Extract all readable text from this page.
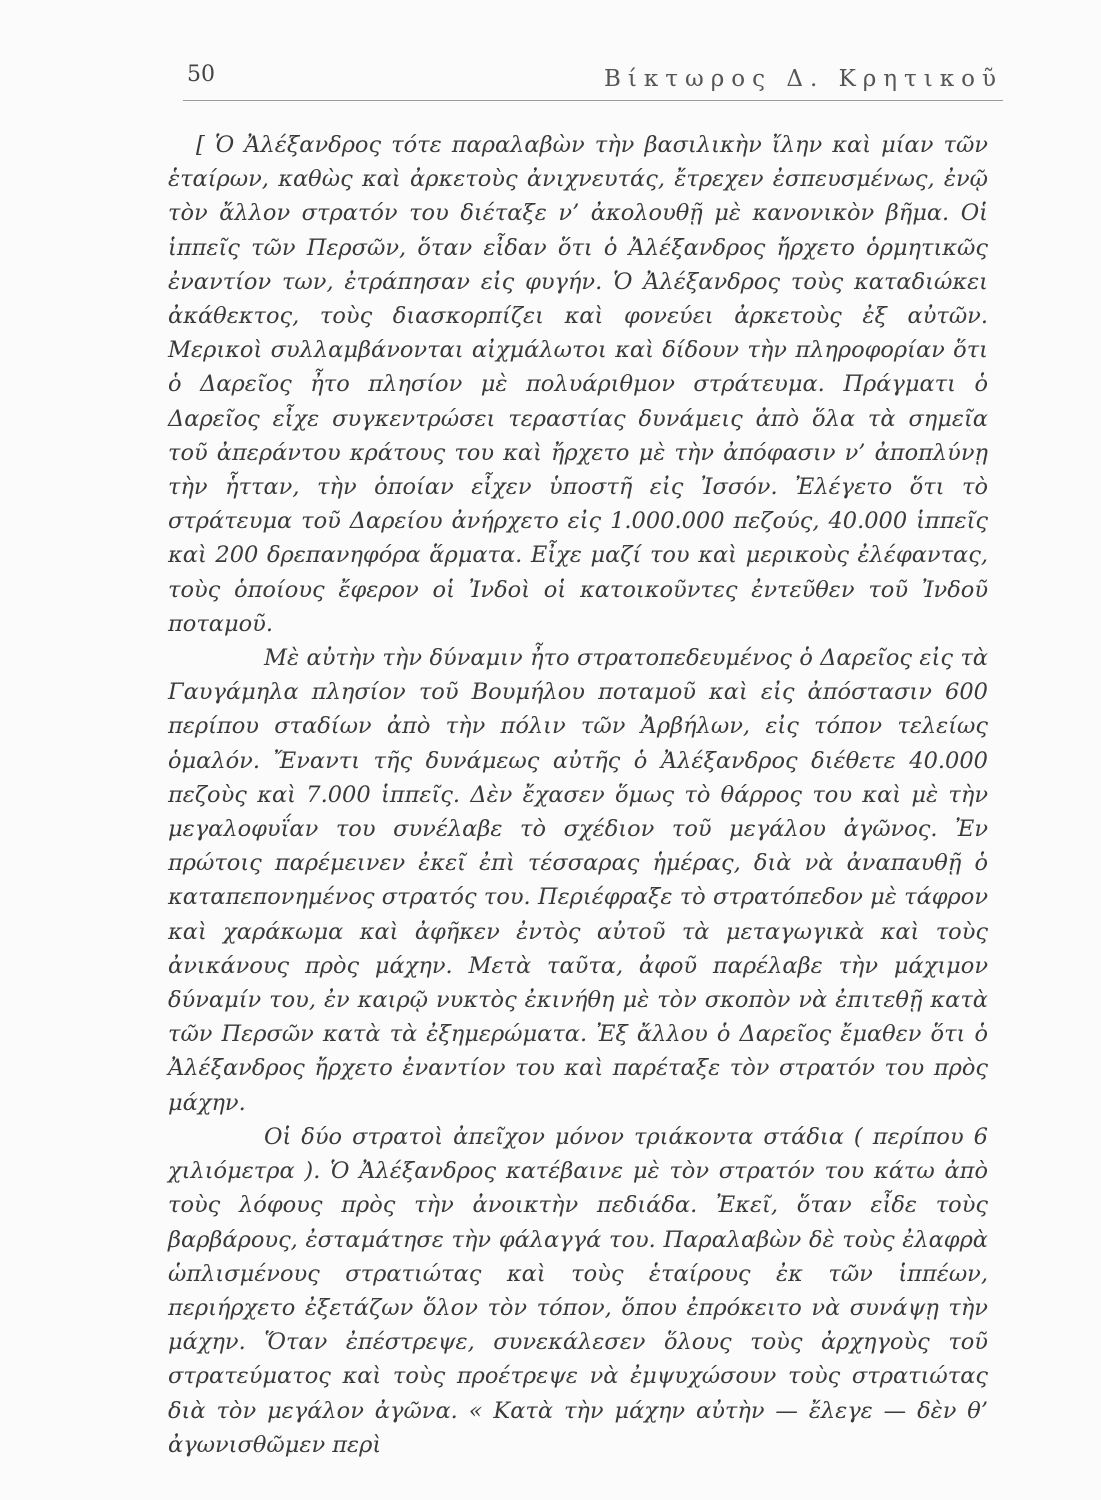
50	Βίκτωρος Δ. Κρητικοῦ

[ Ὁ Ἀλέξανδρος τότε παραλαβὼν τὴν βασιλικὴν ἴλην καὶ μίαν τῶν ἑταίρων, καθὼς καὶ ἀρκετοὺς ἀνιχνευτάς, ἔτρεχεν ἐσπευσμένως, ἐνῷ τὸν ἄλλον στρατόν του διέταξε ν’ ἀκολουθῇ μὲ κανονικὸν βῆμα. Οἱ ἱππεῖς τῶν Περσῶν, ὅταν εἶδαν ὅτι ὁ Ἀλέξανδρος ἤρχετο ὁρμητικῶς ἐναντίον των, ἐτράπησαν εἰς φυγήν. Ὁ Ἀλέξανδρος τοὺς καταδιώκει ἀκάθεκτος, τοὺς διασκορπίζει καὶ φονεύει ἀρκετοὺς ἐξ αὐτῶν. Μερικοὶ συλλαμβάνονται αἰχμάλωτοι καὶ δίδουν τὴν πληροφορίαν ὅτι ὁ Δαρεῖος ἦτο πλησίον μὲ πολυάριθμον στράτευμα. Πράγματι ὁ Δαρεῖος εἶχε συγκεντρώσει τεραστίας δυνάμεις ἀπὸ ὅλα τὰ σημεῖα τοῦ ἀπεράντου κράτους του καὶ ἤρχετο μὲ τὴν ἀπόφασιν ν’ ἀποπλύνῃ τὴν ἧτταν, τὴν ὁποίαν εἶχεν ὑποστῆ εἰς Ἰσσόν. Ἐλέγετο ὅτι τὸ στράτευμα τοῦ Δαρείου ἀνήρχετο εἰς 1.000.000 πεζούς, 40.000 ἱππεῖς καὶ 200 δρεπανηφόρα ἅρματα. Εἶχε μαζί του καὶ μερικοὺς ἐλέφαντας, τοὺς ὁποίους ἔφερον οἱ Ἰνδοὶ οἱ κατοικοῦντες ἐντεῦθεν τοῦ Ἰνδοῦ ποταμοῦ.

Μὲ αὐτὴν τὴν δύναμιν ἦτο στρατοπεδευμένος ὁ Δαρεῖος εἰς τὰ Γαυγάμηλα πλησίον τοῦ Βουμήλου ποταμοῦ καὶ εἰς ἀπόστασιν 600 περίπου σταδίων ἀπὸ τὴν πόλιν τῶν Ἀρβήλων, εἰς τόπον τελείως ὁμαλόν. Ἔναντι τῆς δυνάμεως αὐτῆς ὁ Ἀλέξανδρος διέθετε 40.000 πεζοὺς καὶ 7.000 ἱππεῖς. Δὲν ἔχασεν ὅμως τὸ θάρρος του καὶ μὲ τὴν μεγαλοφυΐαν του συνέλαβε τὸ σχέδιον τοῦ μεγάλου ἀγῶνος. Ἐν πρώτοις παρέμεινεν ἐκεῖ ἐπὶ τέσσαρας ἡμέρας, διὰ νὰ ἀναπαυθῇ ὁ καταπεπονημένος στρατός του. Περιέφραξε τὸ στρατόπεδον μὲ τάφρον καὶ χαράκωμα καὶ ἀφῆκεν ἐντὸς αὐτοῦ τὰ μεταγωγικὰ καὶ τοὺς ἀνικάνους πρὸς μάχην. Μετὰ ταῦτα, ἀφοῦ παρέλαβε τὴν μάχιμον δύναμίν του, ἐν καιρῷ νυκτὸς ἐκινήθη μὲ τὸν σκοπὸν νὰ ἐπιτεθῇ κατὰ τῶν Περσῶν κατὰ τὰ ἐξημερώματα. Ἐξ ἄλλου ὁ Δαρεῖος ἔμαθεν ὅτι ὁ Ἀλέξανδρος ἤρχετο ἐναντίον του καὶ παρέταξε τὸν στρατόν του πρὸς μάχην.

Οἱ δύο στρατοὶ ἀπεῖχον μόνον τριάκοντα στάδια ( περίπου 6 χιλιόμετρα ). Ὁ Ἀλέξανδρος κατέβαινε μὲ τὸν στρατόν του κάτω ἀπὸ τοὺς λόφους πρὸς τὴν ἀνοικτὴν πεδιάδα. Ἐκεῖ, ὅταν εἶδε τοὺς βαρβάρους, ἐσταμάτησε τὴν φάλαγγά του. Παραλαβὼν δὲ τοὺς ἐλαφρὰ ὡπλισμένους στρατιώτας καὶ τοὺς ἑταίρους ἐκ τῶν ἱππέων, περιήρχετο ἐξετάζων ὅλον τὸν τόπον, ὅπου ἐπρόκειτο νὰ συνάψῃ τὴν μάχην. Ὅταν ἐπέστρεψε, συνεκάλεσεν ὅλους τοὺς ἀρχηγοὺς τοῦ στρατεύματος καὶ τοὺς προέτρεψε νὰ ἐμψυχώσουν τοὺς στρατιώτας διὰ τὸν μεγάλον ἀγῶνα. « Κατὰ τὴν μάχην αὐτὴν — ἔλεγε — δὲν θ’ ἀγωνισθῶμεν περὶ
